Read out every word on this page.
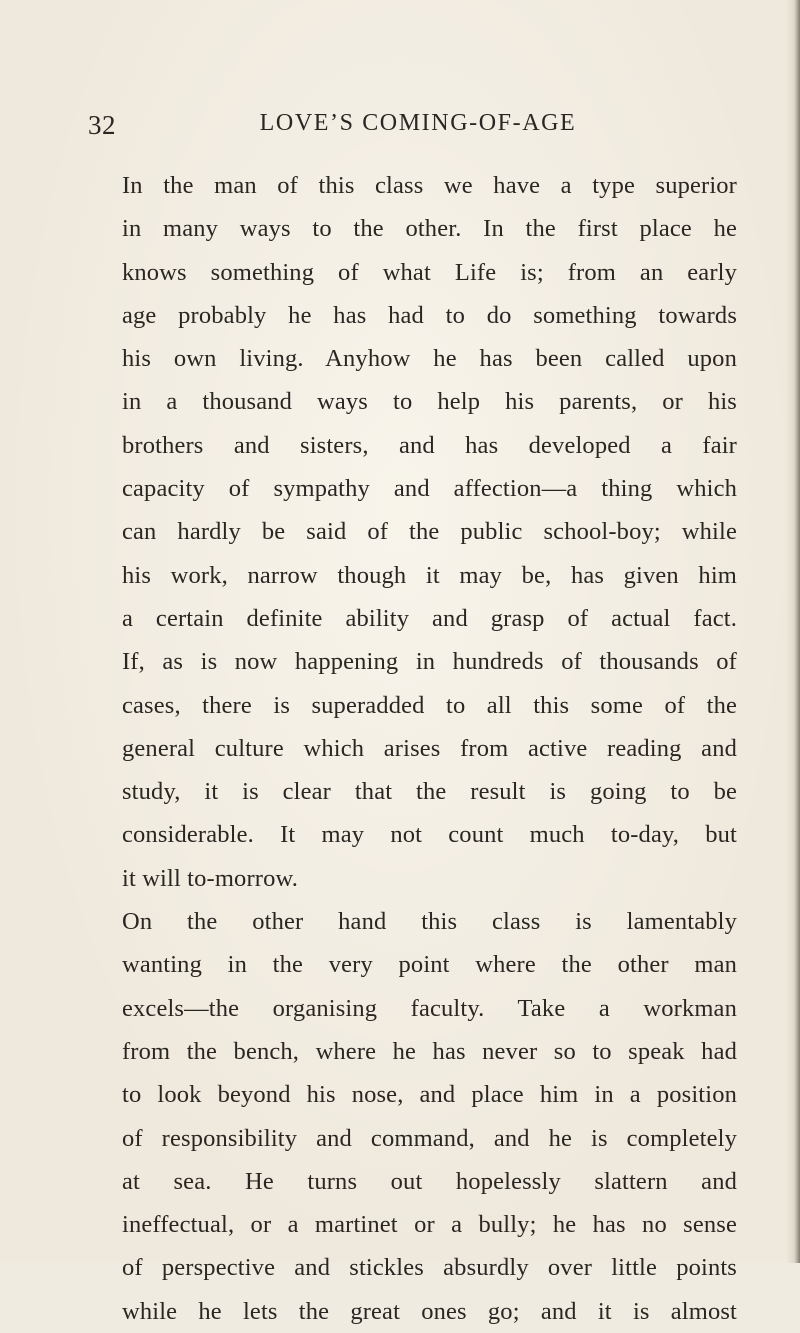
32	LOVE’S COMING-OF-AGE
In the man of this class we have a type superior
in many ways to the other. In the first place he
knows something of what Life is; from an early
age probably he has had to do something towards
his own living. Anyhow he has been called upon
in a thousand ways to help his parents, or his
brothers and sisters, and has developed a fair
capacity of sympathy and affection—a thing which
can hardly be said of the public school-boy; while
his work, narrow though it may be, has given him
a certain definite ability and grasp of actual fact.
If, as is now happening in hundreds of thousands of
cases, there is superadded to all this some of the
general culture which arises from active reading and
study, it is clear that the result is going to be
considerable. It may not count much to-day, but
it will to-morrow.
On the other hand this class is lamentably
wanting in the very point where the other man
excels—the organising faculty. Take a workman
from the bench, where he has never so to speak had
to look beyond his nose, and place him in a position
of responsibility and command, and he is completely
at sea. He turns out hopelessly slattern and
ineffectual, or a martinet or a bully; he has no sense
of perspective and stickles absurdly over little points
while he lets the great ones go; and it is almost
